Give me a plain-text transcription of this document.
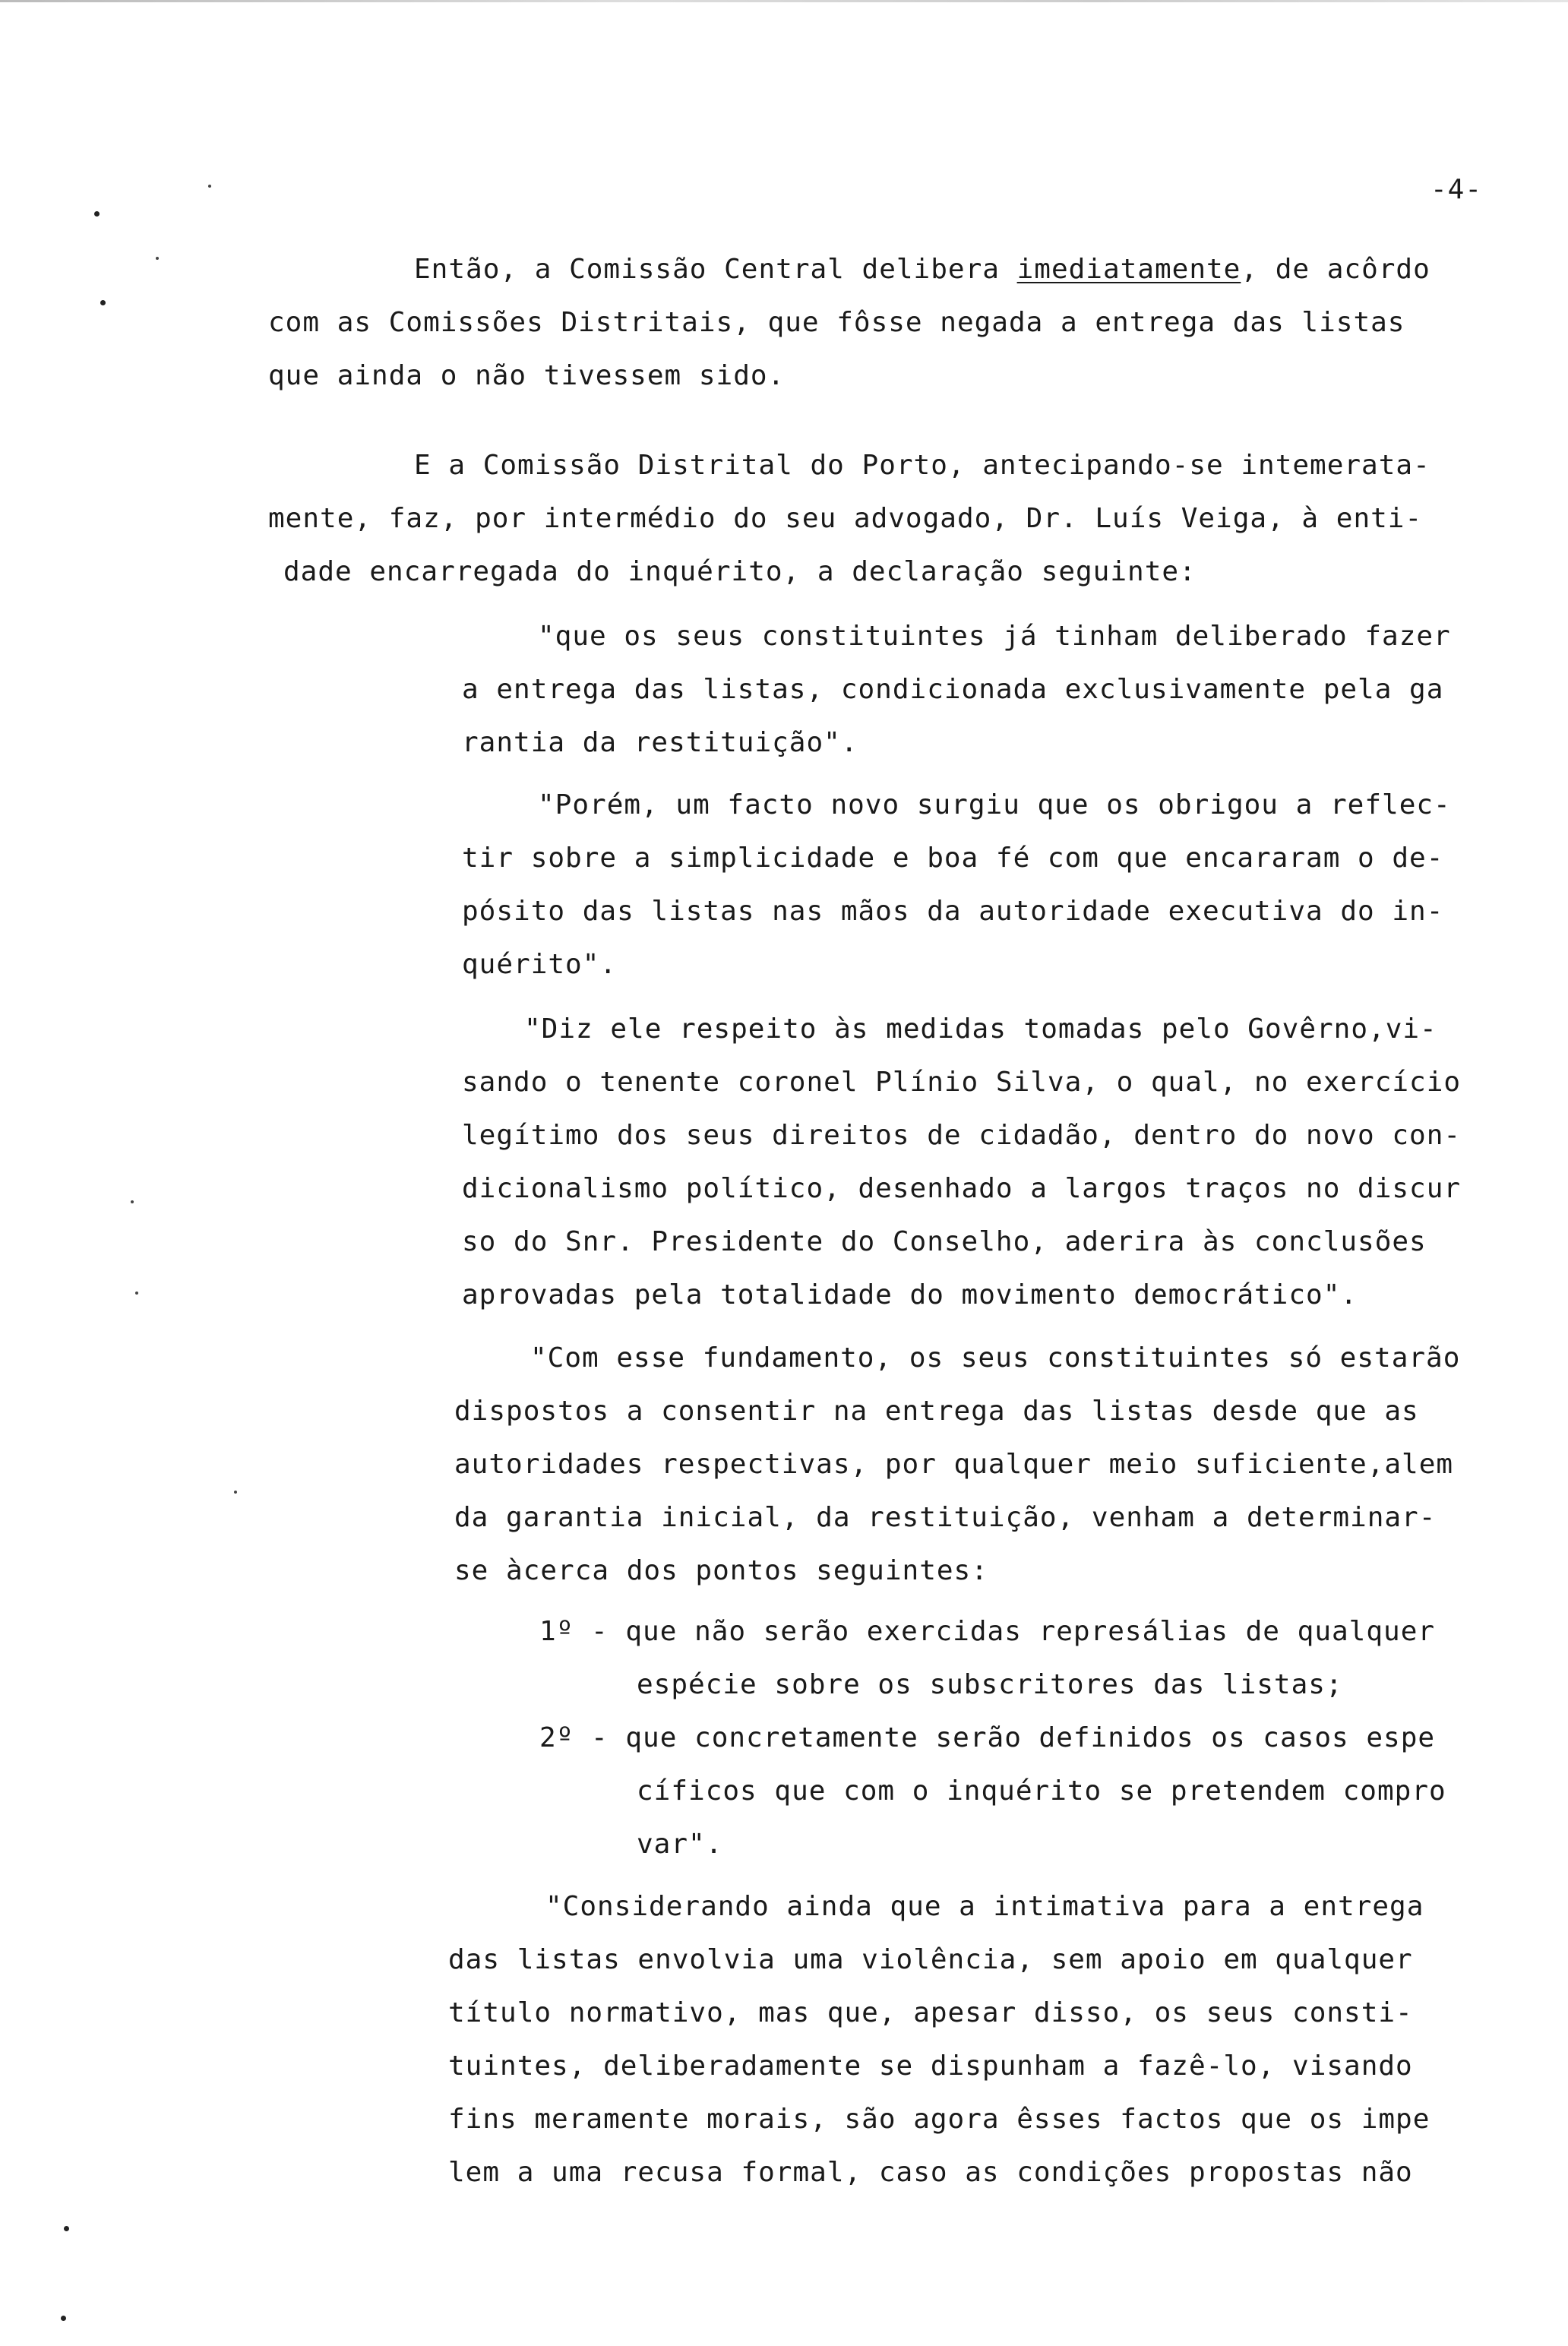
-4-

Então, a Comissão Central delibera imediatamente, de acôrdo

com as Comissões Distritais, que fôsse negada a entrega das listas

que ainda o não tivessem sido.

E a Comissão Distrital do Porto, antecipando-se intemerata-

mente, faz, por intermédio do seu advogado, Dr. Luís Veiga, à enti-

dade encarregada do inquérito, a declaração seguinte:

"que os seus constituintes já tinham deliberado fazer

a entrega das listas, condicionada exclusivamente pela ga

rantia da restituição".

"Porém, um facto novo surgiu que os obrigou a reflec-

tir sobre a simplicidade e boa fé com que encararam o de-

pósito das listas nas mãos da autoridade executiva do in-

quérito".

"Diz ele respeito às medidas tomadas pelo Govêrno,vi-

sando o tenente coronel Plínio Silva, o qual, no exercício

legítimo dos seus direitos de cidadão, dentro do novo con-

dicionalismo político, desenhado a largos traços no discur

so do Snr. Presidente do Conselho, aderira às conclusões

aprovadas pela totalidade do movimento democrático".

"Com esse fundamento, os seus constituintes só estarão

dispostos a consentir na entrega das listas desde que as

autoridades respectivas, por qualquer meio suficiente,alem

da garantia inicial, da restituição, venham a determinar-

se àcerca dos pontos seguintes:

1º - que não serão exercidas represálias de qualquer

espécie sobre os subscritores das listas;

2º - que concretamente serão definidos os casos espe

cíficos que com o inquérito se pretendem compro

var".

"Considerando ainda que a intimativa para a entrega

das listas envolvia uma violência, sem apoio em qualquer

título normativo, mas que, apesar disso, os seus consti-

tuintes, deliberadamente se dispunham a fazê-lo, visando

fins meramente morais, são agora êsses factos que os impe

lem a uma recusa formal, caso as condições propostas não
